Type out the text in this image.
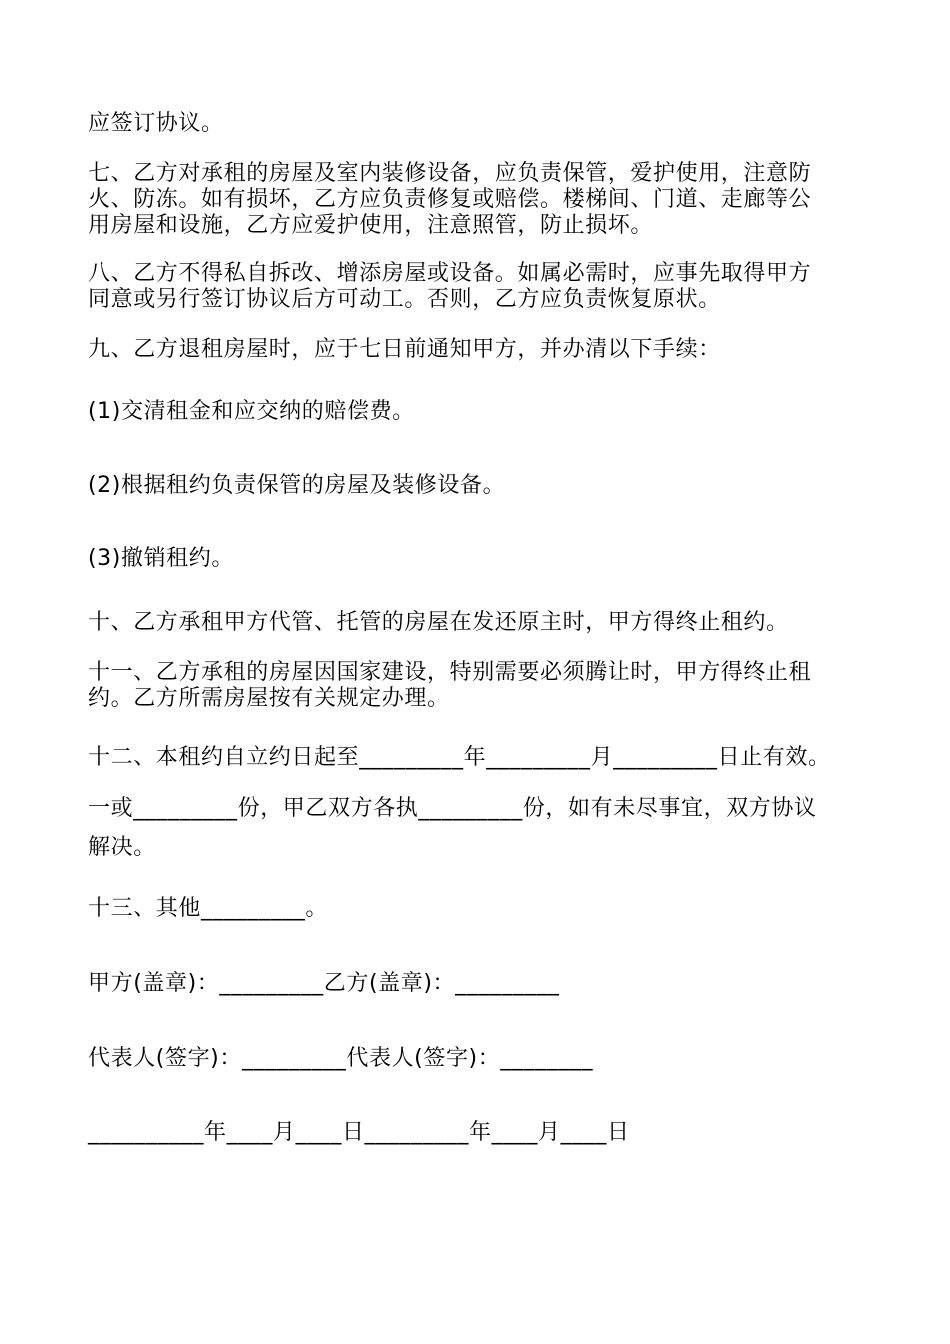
应签订协议。
七、乙方对承租的房屋及室内装修设备，应负责保管，爱护使用，注意防
火、防冻。如有损坏，乙方应负责修复或赔偿。楼梯间、门道、走廊等公
用房屋和设施，乙方应爱护使用，注意照管，防止损坏。
八、乙方不得私自拆改、增添房屋或设备。如属必需时，应事先取得甲方
同意或另行签订协议后方可动工。否则，乙方应负责恢复原状。
九、乙方退租房屋时，应于七日前通知甲方，并办清以下手续：
(1)交清租金和应交纳的赔偿费。
(2)根据租约负责保管的房屋及装修设备。
(3)撤销租约。
十、乙方承租甲方代管、托管的房屋在发还原主时，甲方得终止租约。
十一、乙方承租的房屋因国家建设，特别需要必须腾让时，甲方得终止租
约。乙方所需房屋按有关规定办理。
十二、本租约自立约日起至_________年_________月_________日止有效。
一或_________份，甲乙双方各执_________份，如有未尽事宜，双方协议
解决。
十三、其他_________。
甲方(盖章)：_________乙方(盖章)：_________
代表人(签字)：_________代表人(签字)：________
__________年____月____日_________年____月____日
